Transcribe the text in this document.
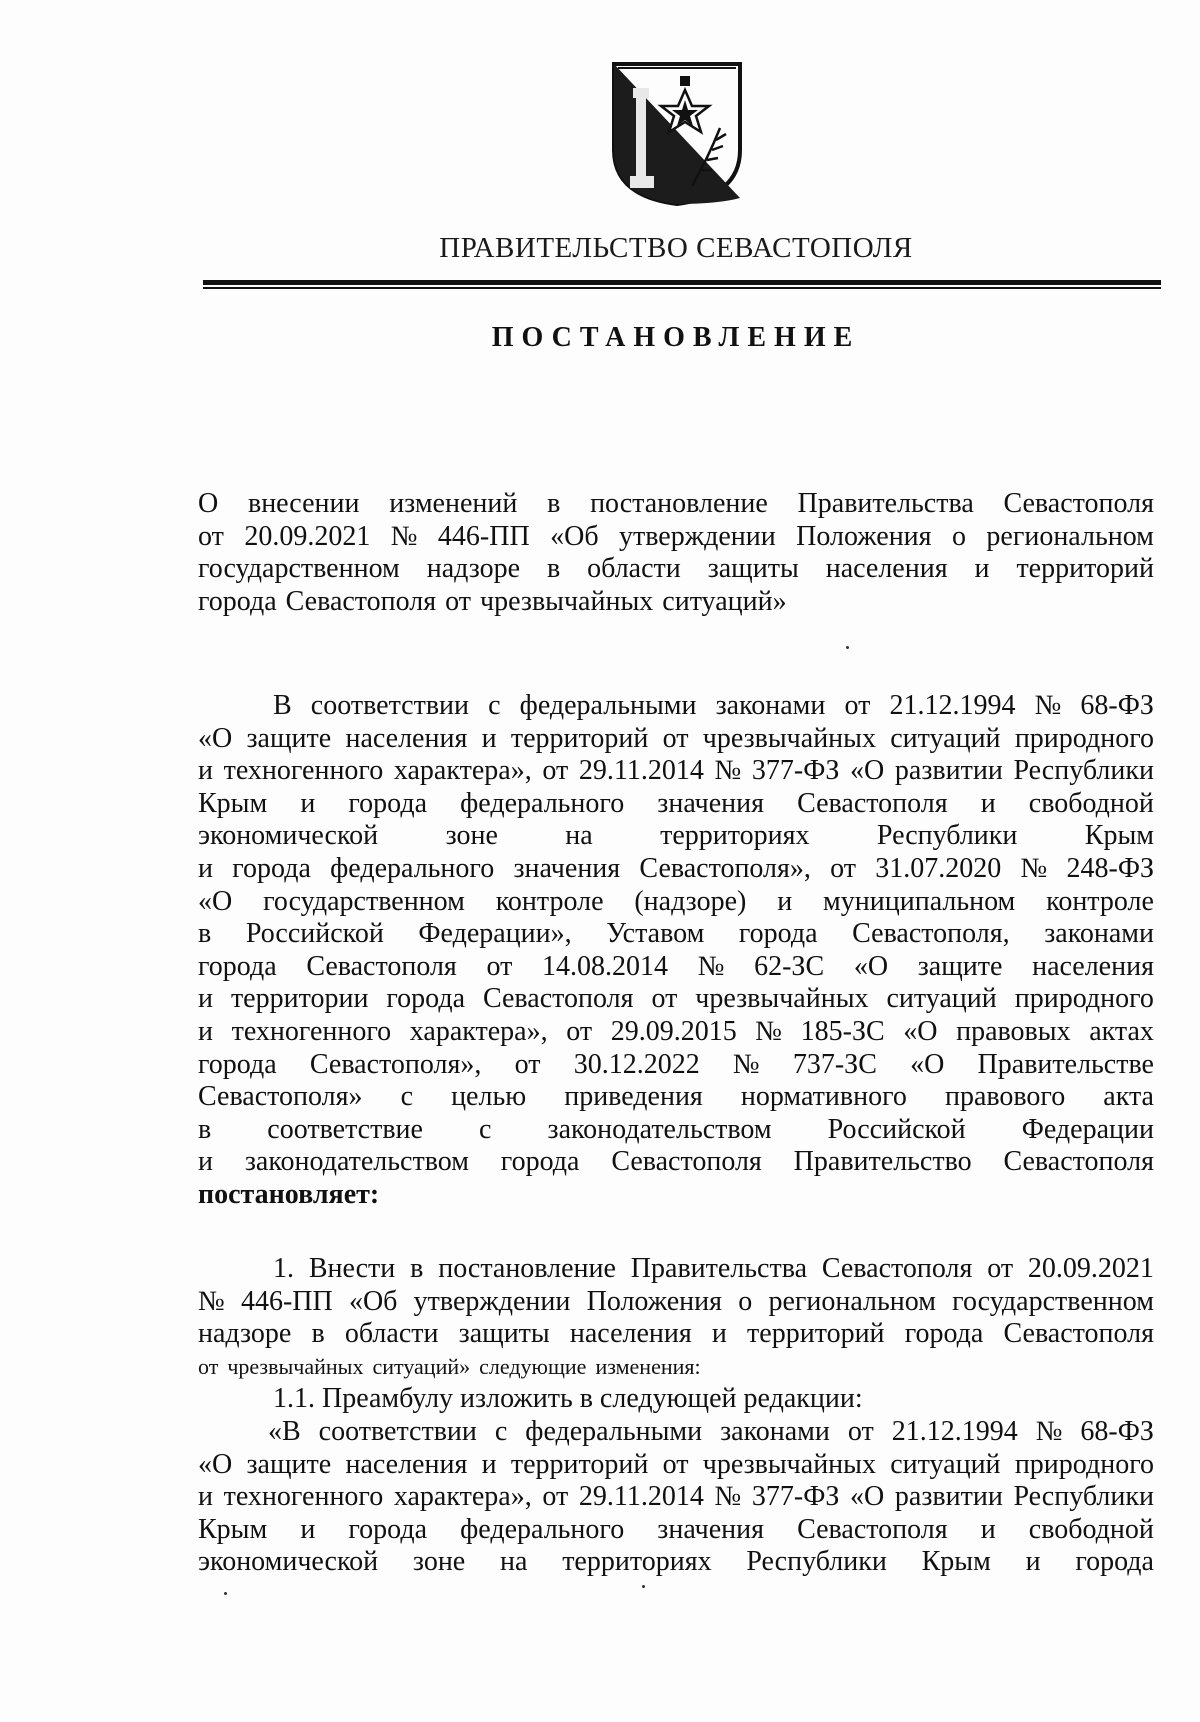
ПРАВИТЕЛЬСТВО СЕВАСТОПОЛЯ
ПОСТАНОВЛЕНИЕ
О внесении изменений в постановление Правительства Севастополя
от 20.09.2021 № 446-ПП «Об утверждении Положения о региональном
государственном надзоре в области защиты населения и территорий
города Севастополя от чрезвычайных ситуаций»
В соответствии с федеральными законами от 21.12.1994 № 68-ФЗ
«О защите населения и территорий от чрезвычайных ситуаций природного
и техногенного характера», от 29.11.2014 № 377-ФЗ «О развитии Республики
Крым и города федерального значения Севастополя и свободной
экономической зоне на территориях Республики Крым
и города федерального значения Севастополя», от 31.07.2020 № 248-ФЗ
«О государственном контроле (надзоре) и муниципальном контроле
в Российской Федерации», Уставом города Севастополя, законами
города Севастополя от 14.08.2014 № 62-ЗС «О защите населения
и территории города Севастополя от чрезвычайных ситуаций природного
и техногенного характера», от 29.09.2015 № 185-ЗС «О правовых актах
города Севастополя», от 30.12.2022 № 737-ЗС «О Правительстве
Севастополя» с целью приведения нормативного правового акта
в соответствие с законодательством Российской Федерации
и законодательством города Севастополя Правительство Севастополя
постановляет:
1. Внести в постановление Правительства Севастополя от 20.09.2021
№ 446-ПП «Об утверждении Положения о региональном государственном
надзоре в области защиты населения и территорий города Севастополя
от чрезвычайных ситуаций» следующие изменения:
1.1. Преамбулу изложить в следующей редакции:
«В соответствии с федеральными законами от 21.12.1994 № 68-ФЗ
«О защите населения и территорий от чрезвычайных ситуаций природного
и техногенного характера», от 29.11.2014 № 377-ФЗ «О развитии Республики
Крым и города федерального значения Севастополя и свободной
экономической зоне на территориях Республики Крым и города
